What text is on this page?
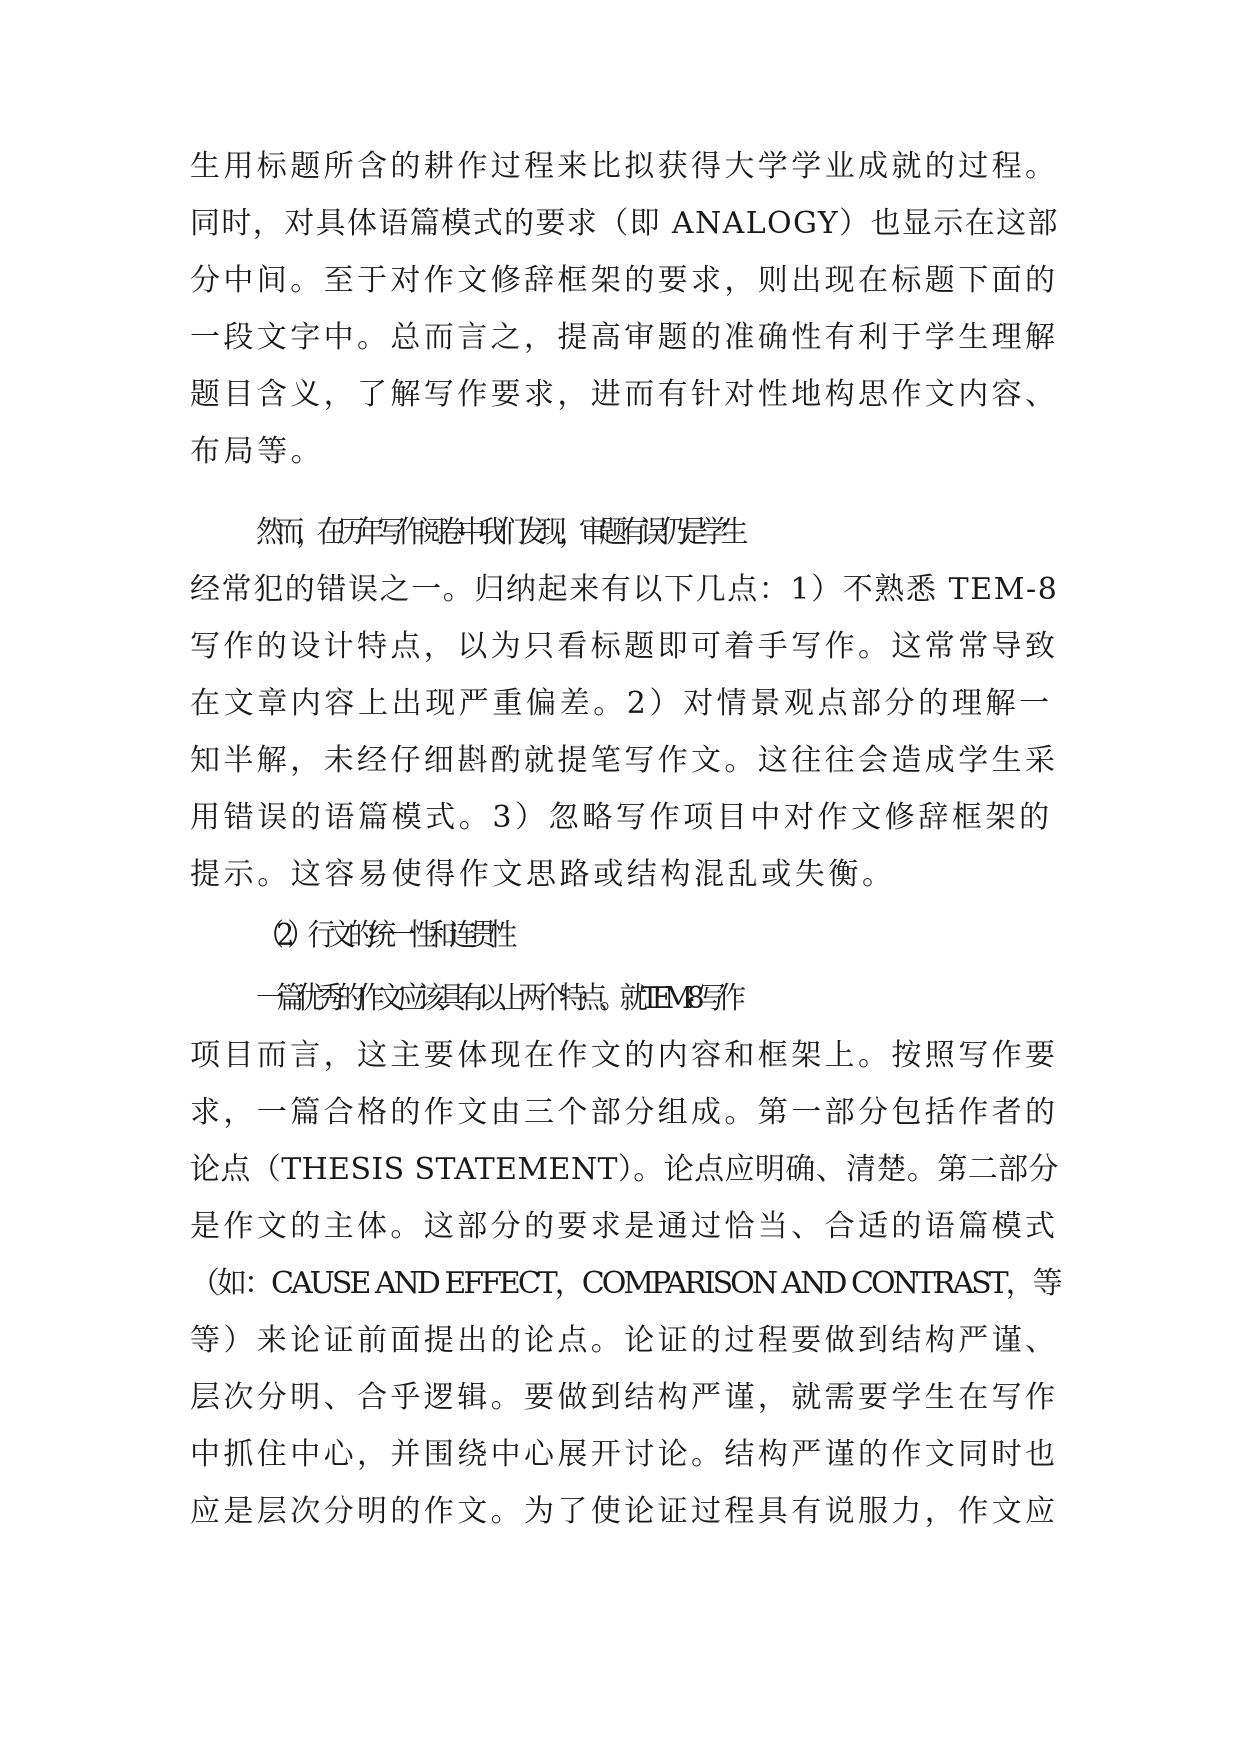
生用标题所含的耕作过程来比拟获得大学学业成就的过程。
同时，对具体语篇模式的要求（即 ANALOGY）也显示在这部
分中间。至于对作文修辞框架的要求，则出现在标题下面的
一段文字中。总而言之，提高审题的准确性有利于学生理解
题目含义，了解写作要求，进而有针对性地构思作文内容、
布局等。
然而，在历年写作阅卷中我们发现，审题有误仍是学生
经常犯的错误之一。归纳起来有以下几点：1）不熟悉 TEM-8
写作的设计特点，以为只看标题即可着手写作。这常常导致
在文章内容上出现严重偏差。2）对情景观点部分的理解一
知半解，未经仔细斟酌就提笔写作文。这往往会造成学生采
用错误的语篇模式。3）忽略写作项目中对作文修辞框架的
提示。这容易使得作文思路或结构混乱或失衡。
（2.）行文的统一性和连贯性
一篇优秀的作文应该具有以上两个特点。就 TEM-8 写作
项目而言，这主要体现在作文的内容和框架上。按照写作要
求，一篇合格的作文由三个部分组成。第一部分包括作者的
论点（THESIS STATEMENT）。论点应明确、清楚。第二部分
是作文的主体。这部分的要求是通过恰当、合适的语篇模式
（如：CAUSE AND EFFECT，COMPARISON AND CONTRAST，等
等）来论证前面提出的论点。论证的过程要做到结构严谨、
层次分明、合乎逻辑。要做到结构严谨，就需要学生在写作
中抓住中心，并围绕中心展开讨论。结构严谨的作文同时也
应是层次分明的作文。为了使论证过程具有说服力，作文应
